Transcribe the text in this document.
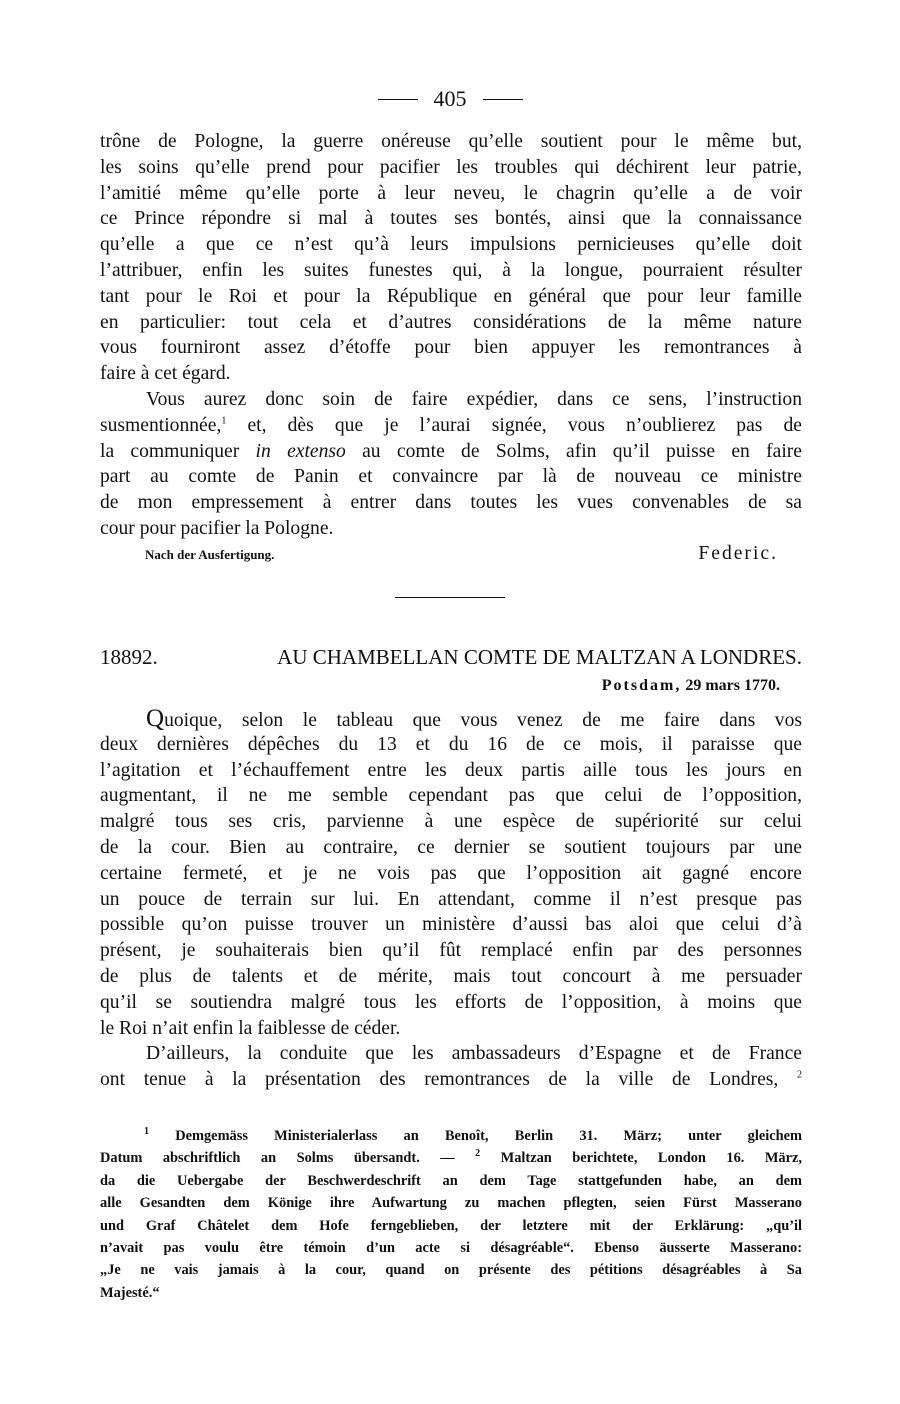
405
trône de Pologne, la guerre onéreuse qu’elle soutient pour le même but,
les soins qu’elle prend pour pacifier les troubles qui déchirent leur patrie,
l’amitié même qu’elle porte à leur neveu, le chagrin qu’elle a de voir
ce Prince répondre si mal à toutes ses bontés, ainsi que la connaissance
qu’elle a que ce n’est qu’à leurs impulsions pernicieuses qu’elle doit
l’attribuer, enfin les suites funestes qui, à la longue, pourraient résulter
tant pour le Roi et pour la République en général que pour leur famille
en particulier: tout cela et d’autres considérations de la même nature
vous fourniront assez d’étoffe pour bien appuyer les remontrances à
faire à cet égard.
Vous aurez donc soin de faire expédier, dans ce sens, l’instruction
susmentionnée,$^1$ et, dès que je l’aurai signée, vous n’oublierez pas de
la communiquer in extenso au comte de Solms, afin qu’il puisse en faire
part au comte de Panin et convaincre par là de nouveau ce ministre
de mon empressement à entrer dans toutes les vues convenables de sa
cour pour pacifier la Pologne.
Nach der Ausfertigung.	Federic.
18892.	AU CHAMBELLAN COMTE DE MALTZAN A LONDRES.
Potsdam, 29 mars 1770.
Quoique, selon le tableau que vous venez de me faire dans vos
deux dernières dépêches du 13 et du 16 de ce mois, il paraisse que
l’agitation et l’échauffement entre les deux partis aille tous les jours en
augmentant, il ne me semble cependant pas que celui de l’opposition,
malgré tous ses cris, parvienne à une espèce de supériorité sur celui
de la cour. Bien au contraire, ce dernier se soutient toujours par une
certaine fermeté, et je ne vois pas que l’opposition ait gagné encore
un pouce de terrain sur lui. En attendant, comme il n’est presque pas
possible qu’on puisse trouver un ministère d’aussi bas aloi que celui d’à
présent, je souhaiterais bien qu’il fût remplacé enfin par des personnes
de plus de talents et de mérite, mais tout concourt à me persuader
qu’il se soutiendra malgré tous les efforts de l’opposition, à moins que
le Roi n’ait enfin la faiblesse de céder.
D’ailleurs, la conduite que les ambassadeurs d’Espagne et de France
ont tenue à la présentation des remontrances de la ville de Londres, $^2$
$^1$ Demgemäss Ministerialerlass an Benoît, Berlin 31. März; unter gleichem
Datum abschriftlich an Solms übersandt. — $^2$ Maltzan berichtete, London 16. März,
da die Uebergabe der Beschwerdeschrift an dem Tage stattgefunden habe, an dem
alle Gesandten dem Könige ihre Aufwartung zu machen pflegten, seien Fürst Masserano
und Graf Châtelet dem Hofe ferngeblieben, der letztere mit der Erklärung: „qu’il
n’avait pas voulu être témoin d’un acte si désagréable“. Ebenso äusserte Masserano:
„Je ne vais jamais à la cour, quand on présente des pétitions désagréables à Sa
Majesté.“
